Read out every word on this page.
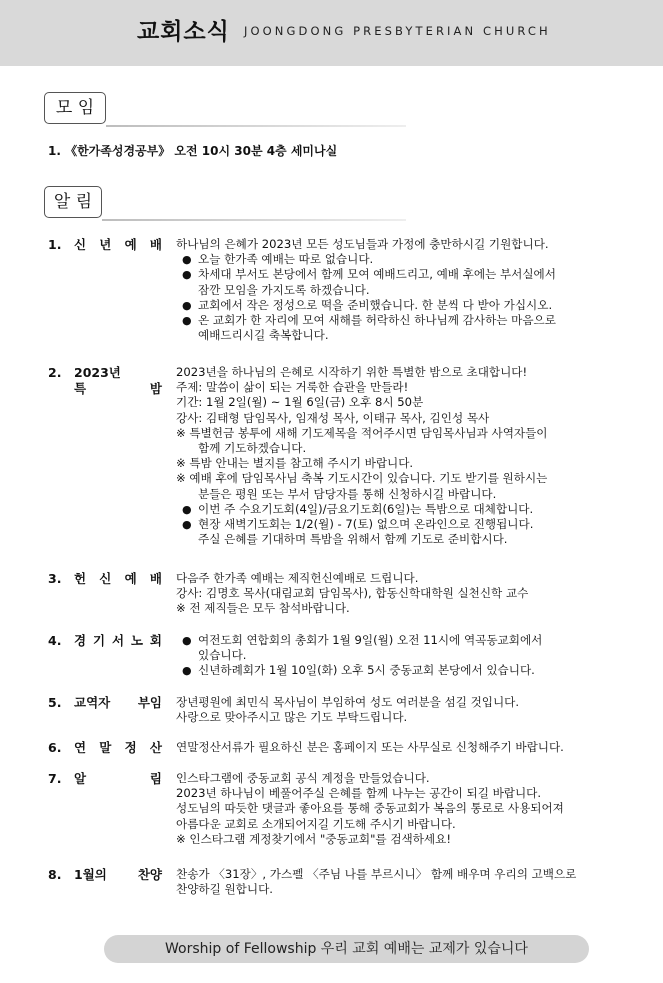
교회소식 JOONGDONG PRESBYTERIAN CHURCH
모 임
1. 《한가족성경공부》 오전 10시 30분 4층 세미나실
알 림
1. 신 년 예 배 하나님의 은혜가 2023년 모든 성도님들과 가정에 충만하시길 기원합니다.
● 오늘 한가족 예배는 따로 없습니다.
● 차세대 부서도 본당에서 함께 모여 예배드리고, 예배 후에는 부서실에서
잠깐 모임을 가지도록 하겠습니다.
● 교회에서 작은 정성으로 떡을 준비했습니다. 한 분씩 다 받아 가십시오.
● 온 교회가 한 자리에 모여 새해를 허락하신 하나님께 감사하는 마음으로
예배드리시길 축복합니다.
2. 2023년
특 밤
2023년을 하나님의 은혜로 시작하기 위한 특별한 밤으로 초대합니다!
주제: 말씀이 삶이 되는 거룩한 습관을 만들라!
기간: 1월 2일(월) ~ 1월 6일(금) 오후 8시 50분
강사: 김태형 담임목사, 임재성 목사, 이태규 목사, 김인성 목사
※ 특별헌금 봉투에 새해 기도제목을 적어주시면 담임목사님과 사역자들이
함께 기도하겠습니다.
※ 특밤 안내는 별지를 참고해 주시기 바랍니다.
※ 예배 후에 담임목사님 축복 기도시간이 있습니다. 기도 받기를 원하시는
분들은 평원 또는 부서 담당자를 통해 신청하시길 바랍니다.
● 이번 주 수요기도회(4일)/금요기도회(6일)는 특밤으로 대체합니다.
● 현장 새벽기도회는 1/2(월) - 7(토) 없으며 온라인으로 진행됩니다.
주실 은혜를 기대하며 특밤을 위해서 함께 기도로 준비합시다.
3. 헌 신 예 배 다음주 한가족 예배는 제직헌신예배로 드립니다.
강사: 김명호 목사(대림교회 담임목사), 합동신학대학원 실천신학 교수
※ 전 제직들은 모두 참석바랍니다.
4. 경 기 서 노 회 ● 여전도회 연합회의 총회가 1월 9일(월) 오전 11시에 역곡동교회에서
있습니다.
● 신년하례회가 1월 10일(화) 오후 5시 중동교회 본당에서 있습니다.
5. 교역자 부임 장년평원에 최민식 목사님이 부임하여 성도 여러분을 섬길 것입니다.
사랑으로 맞아주시고 많은 기도 부탁드립니다.
6. 연 말 정 산 연말정산서류가 필요하신 분은 홈페이지 또는 사무실로 신청해주기 바랍니다.
7. 알 림 인스타그램에 중동교회 공식 계정을 만들었습니다.
2023년 하나님이 베풀어주실 은혜를 함께 나누는 공간이 되길 바랍니다.
성도님의 따듯한 댓글과 좋아요를 통해 중동교회가 복음의 통로로 사용되어져
아름다운 교회로 소개되어지길 기도해 주시기 바랍니다.
※ 인스타그램 계정찾기에서 "중동교회"를 검색하세요!
8. 1월의 찬양 찬송가 〈31장〉, 가스펠 〈주님 나를 부르시니〉 함께 배우며 우리의 고백으로
찬양하길 원합니다.
Worship of Fellowship 우리 교회 예배는 교제가 있습니다
